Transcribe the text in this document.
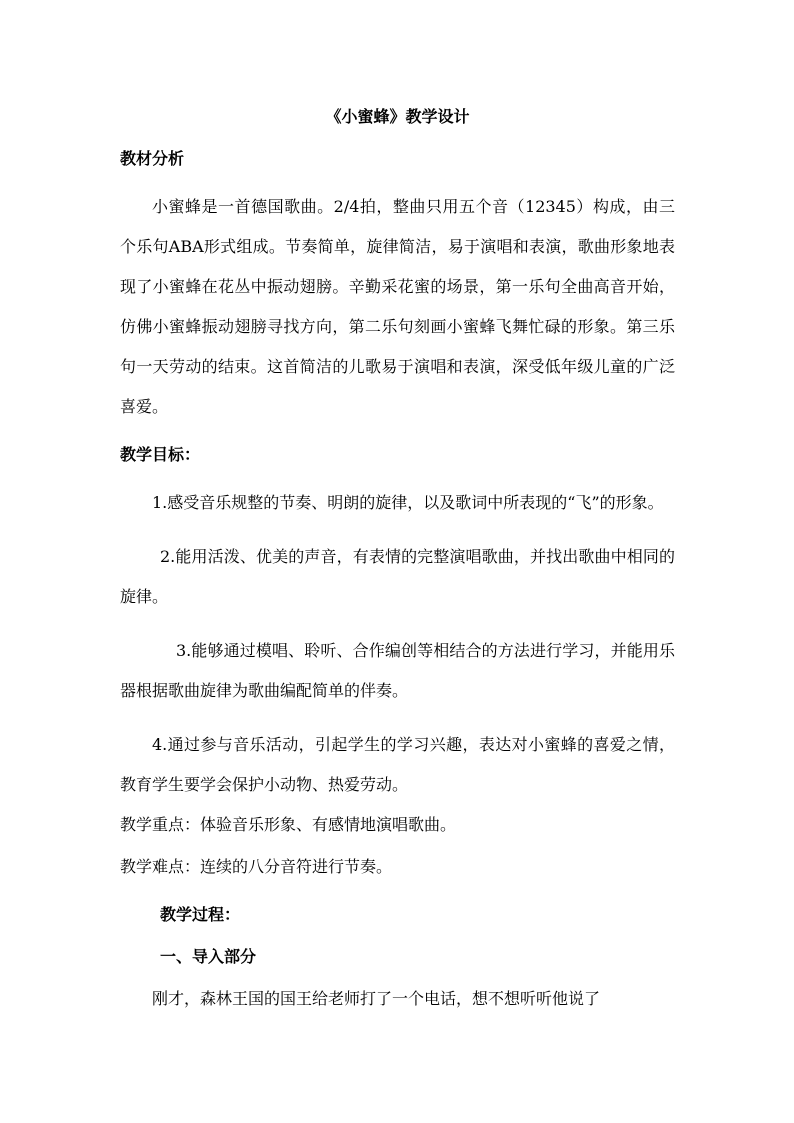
《小蜜蜂》教学设计
教材分析
小蜜蜂是一首德国歌曲。2/4拍，整曲只用五个音（12345）构成，由三个乐句ABA形式组成。节奏简单，旋律简洁，易于演唱和表演，歌曲形象地表现了小蜜蜂在花丛中振动翅膀。辛勤采花蜜的场景，第一乐句全曲高音开始，仿佛小蜜蜂振动翅膀寻找方向，第二乐句刻画小蜜蜂飞舞忙碌的形象。第三乐句一天劳动的结束。这首简洁的儿歌易于演唱和表演，深受低年级儿童的广泛喜爱。
教学目标：
1.感受音乐规整的节奏、明朗的旋律，以及歌词中所表现的“飞”的形象。
2.能用活泼、优美的声音，有表情的完整演唱歌曲，并找出歌曲中相同的旋律。
3.能够通过模唱、聆听、合作编创等相结合的方法进行学习，并能用乐器根据歌曲旋律为歌曲编配简单的伴奏。
4.通过参与音乐活动，引起学生的学习兴趣，表达对小蜜蜂的喜爱之情，教育学生要学会保护小动物、热爱劳动。
教学重点：体验音乐形象、有感情地演唱歌曲。
教学难点：连续的八分音符进行节奏。
教学过程：
一、导入部分
刚才，森林王国的国王给老师打了一个电话，想不想听听他说了
